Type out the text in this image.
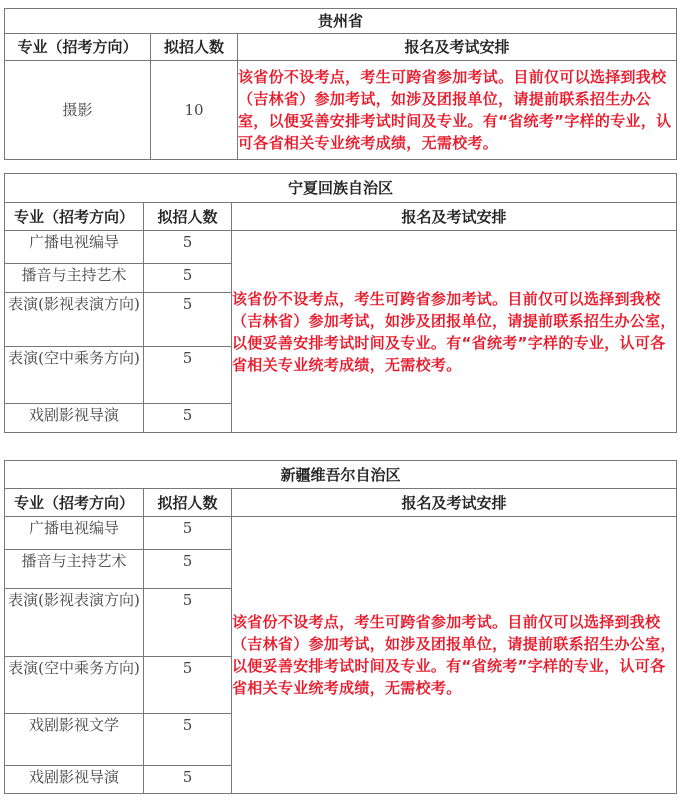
贵州省		
专业（招考方向）	拟招人数	报名及考试安排
摄影	10	该省份不设考点，考生可跨省参加考试。目前仅可以选择到我校（吉林省）参加考试，如涉及团报单位，请提前联系招生办公室，以便妥善安排考试时间及专业。有“省统考”字样的专业，认可各省相关专业统考成绩，无需校考。
宁夏回族自治区		
专业（招考方向）	拟招人数	报名及考试安排
广播电视编导	5	该省份不设考点，考生可跨省参加考试。目前仅可以选择到我校（吉林省）参加考试，如涉及团报单位，请提前联系招生办公室，以便妥善安排考试时间及专业。有“省统考”字样的专业，认可各省相关专业统考成绩，无需校考。
播音与主持艺术	5	
表演(影视表演方向)	5	
表演(空中乘务方向)	5	
戏剧影视导演	5	
新疆维吾尔自治区		
专业（招考方向）	拟招人数	报名及考试安排
广播电视编导	5	该省份不设考点，考生可跨省参加考试。目前仅可以选择到我校（吉林省）参加考试，如涉及团报单位，请提前联系招生办公室，以便妥善安排考试时间及专业。有“省统考”字样的专业，认可各省相关专业统考成绩，无需校考。
播音与主持艺术	5	
表演(影视表演方向)	5	
表演(空中乘务方向)	5	
戏剧影视文学	5	
戏剧影视导演	5	
